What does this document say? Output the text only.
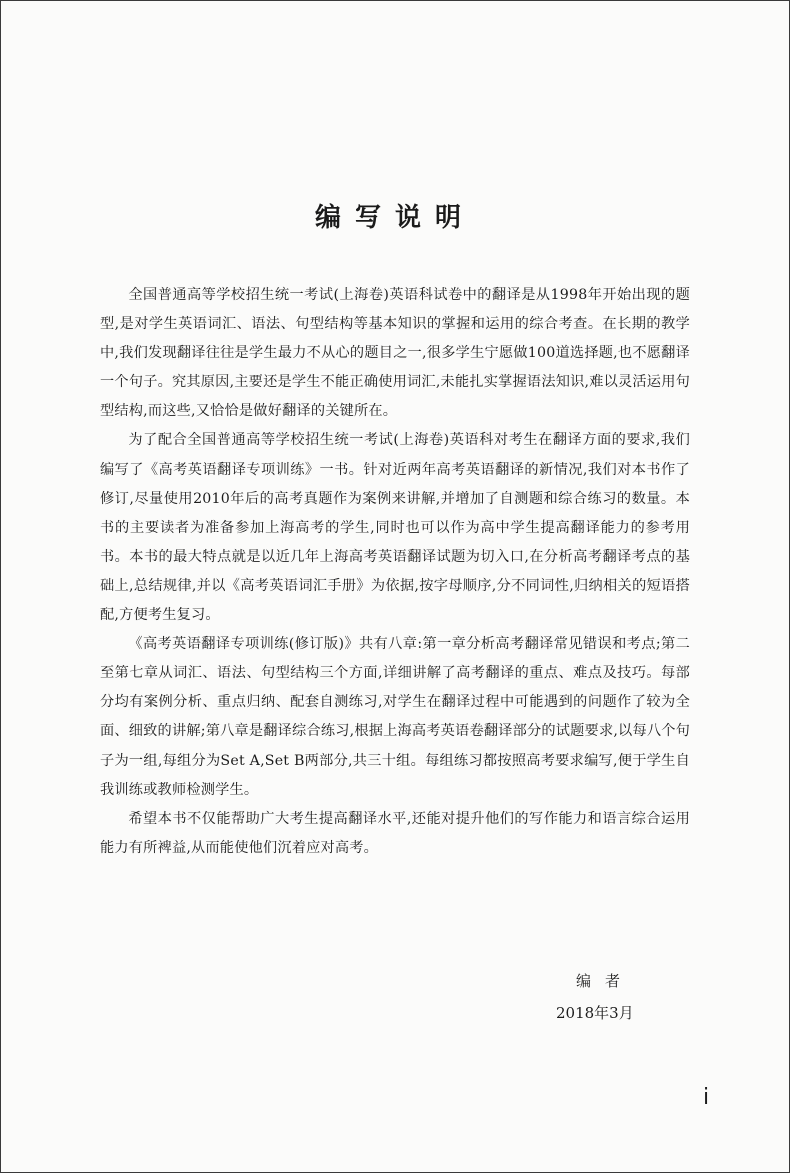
编写说明

全国普通高等学校招生统一考试(上海卷)英语科试卷中的翻译是从1998年开始出现的题型,是对学生英语词汇、语法、句型结构等基本知识的掌握和运用的综合考查。在长期的教学中,我们发现翻译往往是学生最力不从心的题目之一,很多学生宁愿做100道选择题,也不愿翻译一个句子。究其原因,主要还是学生不能正确使用词汇,未能扎实掌握语法知识,难以灵活运用句型结构,而这些,又恰恰是做好翻译的关键所在。

为了配合全国普通高等学校招生统一考试(上海卷)英语科对考生在翻译方面的要求,我们编写了《高考英语翻译专项训练》一书。针对近两年高考英语翻译的新情况,我们对本书作了修订,尽量使用2010年后的高考真题作为案例来讲解,并增加了自测题和综合练习的数量。本书的主要读者为准备参加上海高考的学生,同时也可以作为高中学生提高翻译能力的参考用书。本书的最大特点就是以近几年上海高考英语翻译试题为切入口,在分析高考翻译考点的基础上,总结规律,并以《高考英语词汇手册》为依据,按字母顺序,分不同词性,归纳相关的短语搭配,方便考生复习。

《高考英语翻译专项训练(修订版)》共有八章:第一章分析高考翻译常见错误和考点;第二至第七章从词汇、语法、句型结构三个方面,详细讲解了高考翻译的重点、难点及技巧。每部分均有案例分析、重点归纳、配套自测练习,对学生在翻译过程中可能遇到的问题作了较为全面、细致的讲解;第八章是翻译综合练习,根据上海高考英语卷翻译部分的试题要求,以每八个句子为一组,每组分为Set A,Set B两部分,共三十组。每组练习都按照高考要求编写,便于学生自我训练或教师检测学生。

希望本书不仅能帮助广大考生提高翻译水平,还能对提升他们的写作能力和语言综合运用能力有所裨益,从而能使他们沉着应对高考。

编者
2018年3月
i
